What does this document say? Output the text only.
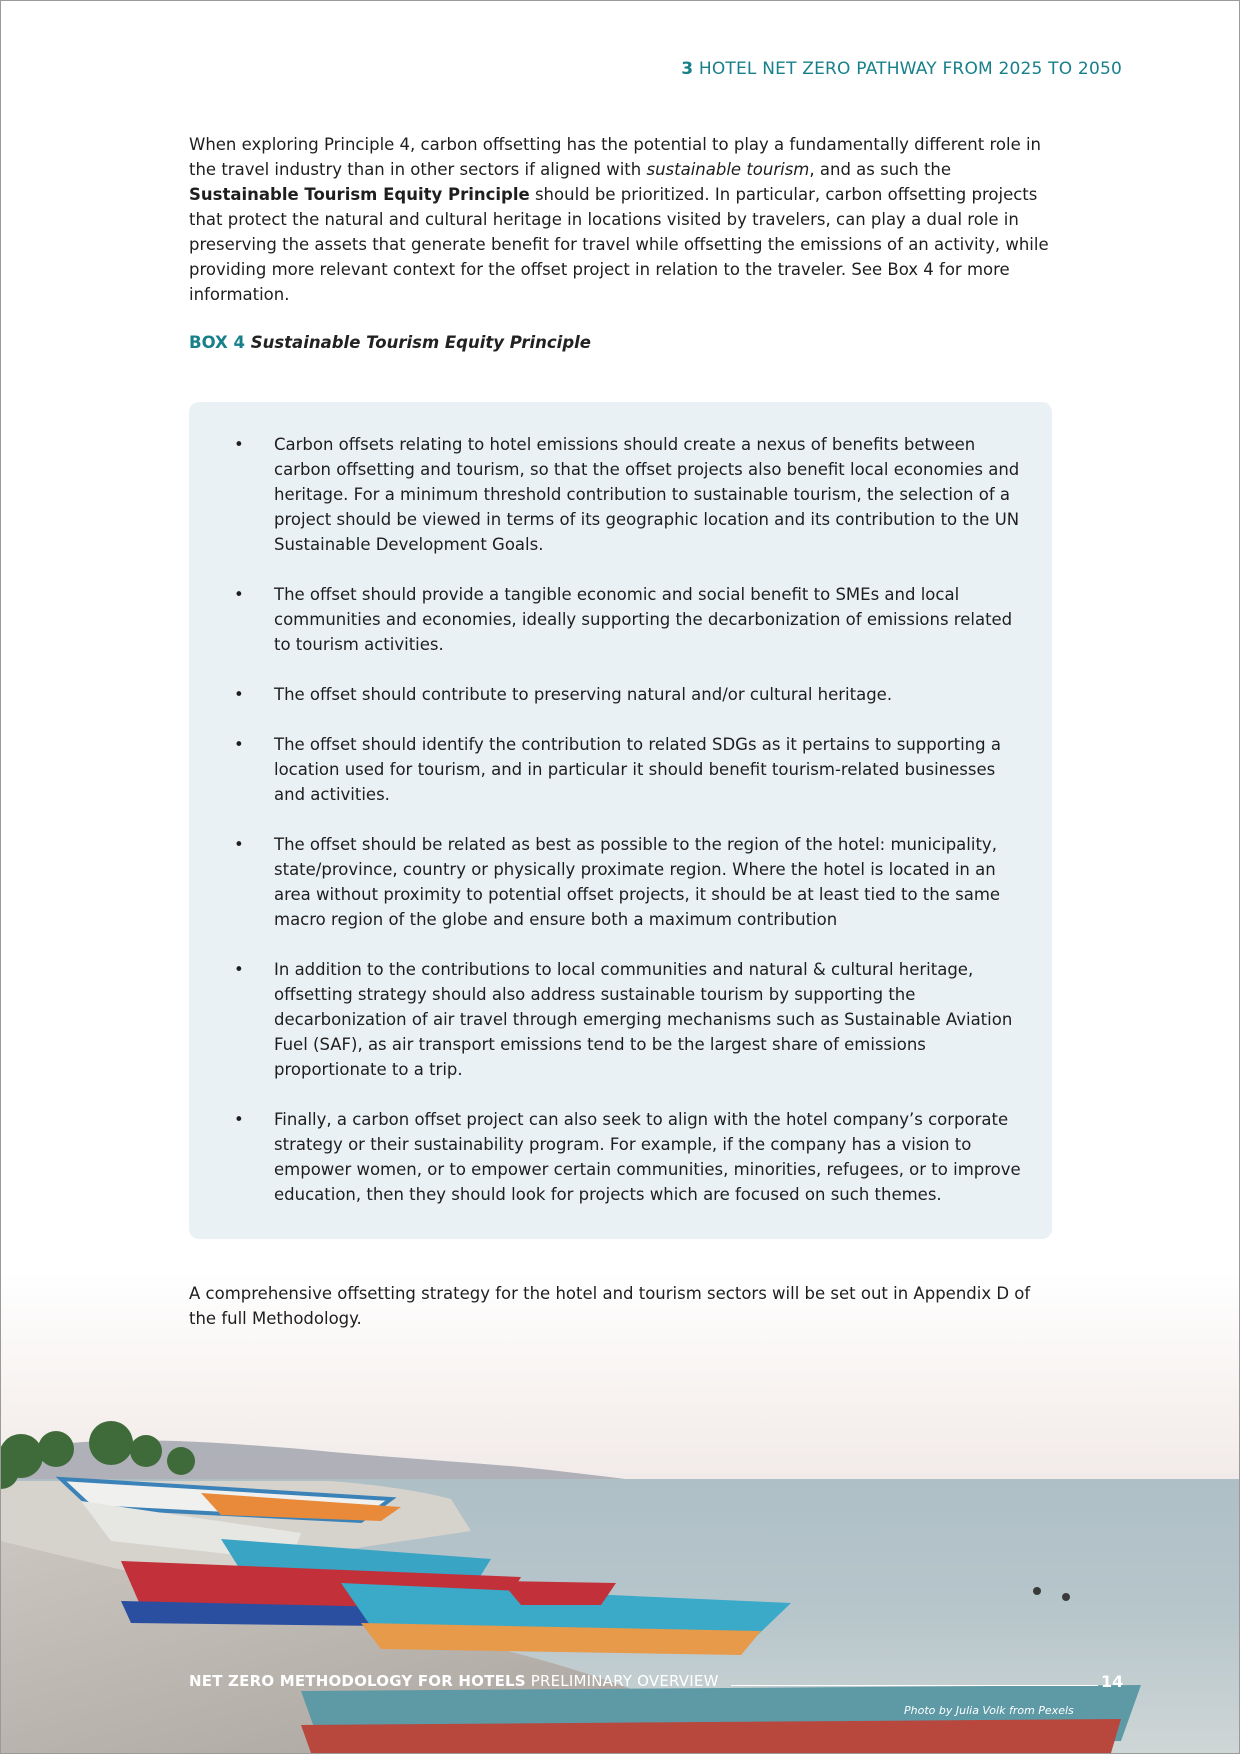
3 HOTEL NET ZERO PATHWAY FROM 2025 TO 2050

When exploring Principle 4, carbon offsetting has the potential to play a fundamentally different role in the travel industry than in other sectors if aligned with sustainable tourism, and as such the Sustainable Tourism Equity Principle should be prioritized. In particular, carbon offsetting projects that protect the natural and cultural heritage in locations visited by travelers, can play a dual role in preserving the assets that generate benefit for travel while offsetting the emissions of an activity, while providing more relevant context for the offset project in relation to the traveler. See Box 4 for more information.

BOX 4 Sustainable Tourism Equity Principle
• Carbon offsets relating to hotel emissions should create a nexus of benefits between carbon offsetting and tourism, so that the offset projects also benefit local economies and heritage. For a minimum threshold contribution to sustainable tourism, the selection of a project should be viewed in terms of its geographic location and its contribution to the UN Sustainable Development Goals.
• The offset should provide a tangible economic and social benefit to SMEs and local communities and economies, ideally supporting the decarbonization of emissions related to tourism activities.
• The offset should contribute to preserving natural and/or cultural heritage.
• The offset should identify the contribution to related SDGs as it pertains to supporting a location used for tourism, and in particular it should benefit tourism-related businesses and activities.
• The offset should be related as best as possible to the region of the hotel: municipality, state/province, country or physically proximate region. Where the hotel is located in an area without proximity to potential offset projects, it should be at least tied to the same macro region of the globe and ensure both a maximum contribution
• In addition to the contributions to local communities and natural & cultural heritage, offsetting strategy should also address sustainable tourism by supporting the decarbonization of air travel through emerging mechanisms such as Sustainable Aviation Fuel (SAF), as air transport emissions tend to be the largest share of emissions proportionate to a trip.
• Finally, a carbon offset project can also seek to align with the hotel company’s corporate strategy or their sustainability program. For example, if the company has a vision to empower women, or to empower certain communities, minorities, refugees, or to improve education, then they should look for projects which are focused on such themes.

A comprehensive offsetting strategy for the hotel and tourism sectors will be set out in Appendix D of the full Methodology.

NET ZERO METHODOLOGY FOR HOTELS PRELIMINARY OVERVIEW	14
Photo by Julia Volk from Pexels
